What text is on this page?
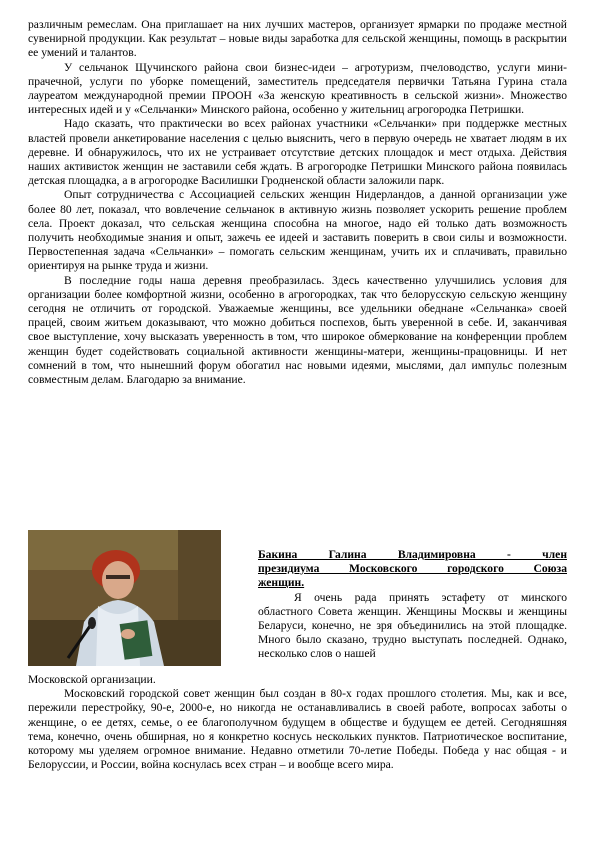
различным ремеслам. Она приглашает на них лучших мастеров, организует ярмарки по продаже местной сувенирной продукции. Как результат – новые виды заработка для сельской женщины, помощь в раскрытии ее умений и талантов.

У сельчанок Щучинского района свои бизнес-идеи – агротуризм, пчеловодство, услуги мини-прачечной, услуги по уборке помещений, заместитель председателя первички Татьяна Гурина стала лауреатом международной премии ПРООН «За женскую креативность в сельской жизни». Множество интересных идей и у «Сельчанки» Минского района, особенно у жительниц агрогородка Петришки.

Надо сказать, что практически во всех районах участники «Сельчанки» при поддержке местных властей провели анкетирование населения с целью выяснить, чего в первую очередь не хватает людям в их деревне. И обнаружилось, что их не устраивает отсутствие детских площадок и мест отдыха. Действия наших активисток женщин не заставили себя ждать. В агрогородке Петришки Минского района появилась детская площадка, а в агрогородке Василишки Гродненской области заложили парк.

Опыт сотрудничества с Ассоциацией сельских женщин Нидерландов, а данной организации уже более 80 лет, показал, что вовлечение сельчанок в активную жизнь позволяет ускорить решение проблем села. Проект доказал, что сельская женщина способна на многое, надо ей только дать возможность получить необходимые знания и опыт, зажечь ее идеей и заставить поверить в свои силы и возможности. Первостепенная задача «Сельчанки» – помогать сельским женщинам, учить их и сплачивать, правильно ориентируя на рынке труда и жизни.

В последние годы наша деревня преобразилась. Здесь качественно улучшились условия для организации более комфортной жизни, особенно в агрогородках, так что белорусскую сельскую женщину сегодня не отличить от городской. Уважаемые женщины, все удельники обеднане «Сельчанка» своей працей, своим житьем доказывают, что можно добиться поспехов, быть уверенной в себе. И, заканчивая свое выступление, хочу высказать уверенность в том, что широкое обмеркование на конференции проблем женщин будет содействовать социальной активности женщины-матери, женщины-працовницы. И нет сомнений в том, что нынешний форум обогатил нас новыми идеями, мыслями, дал импульс полезным совместным делам. Благодарю за внимание.

Бакина Галина Владимировна - член

президиума Московского городского Союза

женщин.

Я очень рада принять эстафету от минского областного Совета женщин. Женщины Москвы и женщины Беларуси, конечно, не зря объединились на этой площадке. Много было сказано, трудно выступать последней. Однако, несколько слов о нашей

Московской организации.

Московский городской совет женщин был создан в 80-х годах прошлого столетия. Мы, как и все, пережили перестройку, 90-е, 2000-е, но никогда не останавливались в своей работе, вопросах заботы о женщине, о ее детях, семье, о ее благополучном будущем в обществе и будущем ее детей. Сегодняшняя тема, конечно, очень обширная, но я конкретно коснусь нескольких пунктов. Патриотическое воспитание, которому мы уделяем огромное внимание. Недавно отметили 70-летие Победы. Победа у нас общая - и Белоруссии, и России, война коснулась всех стран – и вообще всего мира.
